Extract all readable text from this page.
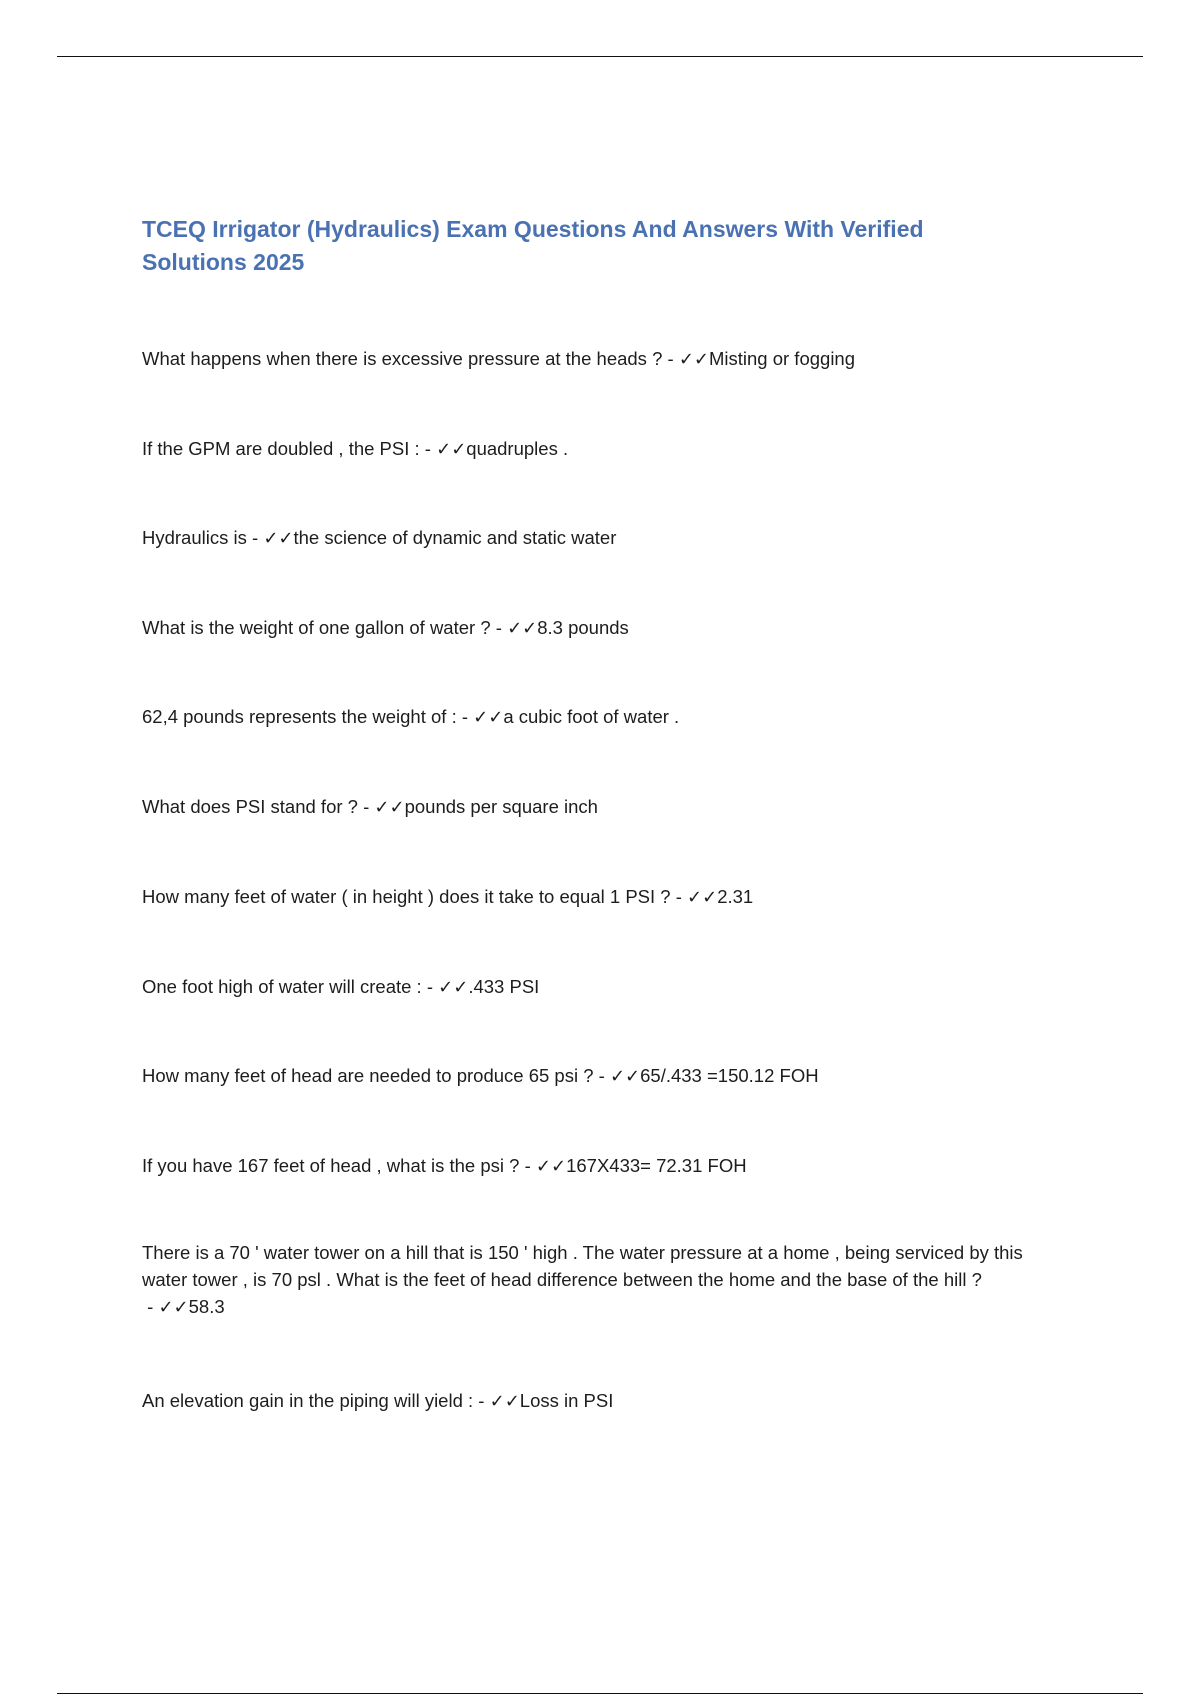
TCEQ Irrigator (Hydraulics) Exam Questions And Answers With Verified Solutions 2025

What happens when there is excessive pressure at the heads ? - ✓✓Misting or fogging

If the GPM are doubled , the PSI : - ✓✓quadruples .

Hydraulics is - ✓✓the science of dynamic and static water

What is the weight of one gallon of water ? - ✓✓8.3 pounds

62,4 pounds represents the weight of : - ✓✓a cubic foot of water .

What does PSI stand for ? - ✓✓pounds per square inch

How many feet of water ( in height ) does it take to equal 1 PSI ? - ✓✓2.31

One foot high of water will create : - ✓✓.433 PSI

How many feet of head are needed to produce 65 psi ? - ✓✓65/.433 =150.12 FOH

If you have 167 feet of head , what is the psi ? - ✓✓167X433= 72.31 FOH

There is a 70 ' water tower on a hill that is 150 ' high . The water pressure at a home , being serviced by this water tower , is 70 psl . What is the feet of head difference between the home and the base of the hill ? - ✓✓58.3

An elevation gain in the piping will yield : - ✓✓Loss in PSI
